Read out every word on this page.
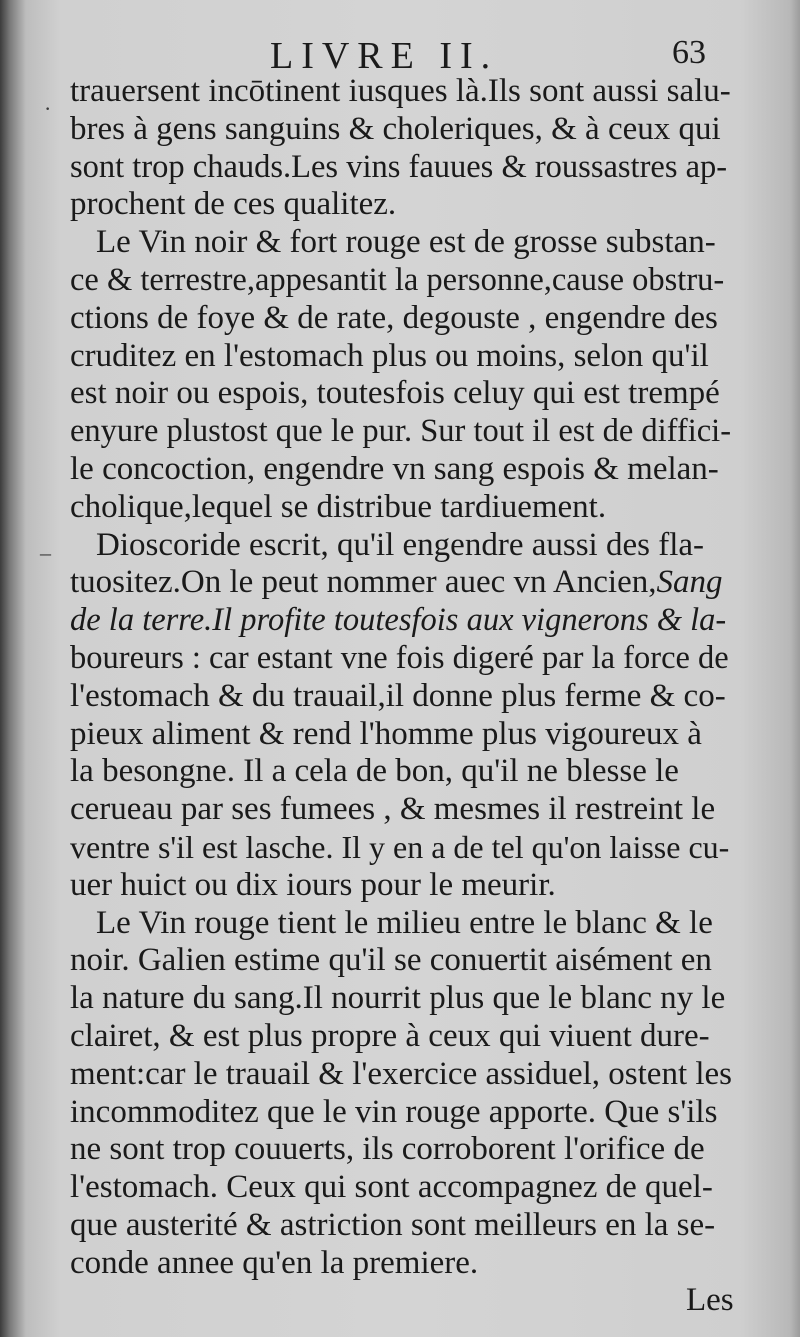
LIVRE II.	63
·
–

trauersent incōtinent iusques là.Ils sont aussi salu-
bres à gens sanguins & choleriques, & à ceux qui
sont trop chauds.Les vins fauues & roussastres ap-
prochent de ces qualitez.

Le Vin noir & fort rouge est de grosse substan-
ce & terrestre,appesantit la personne,cause obstru-
ctions de foye & de rate, degouste , engendre des
cruditez en l'estomach plus ou moins, selon qu'il
est noir ou espois, toutesfois celuy qui est trempé
enyure plustost que le pur. Sur tout il est de diffici-
le concoction, engendre vn sang espois & melan-
cholique,lequel se distribue tardiuement.

Dioscoride escrit, qu'il engendre aussi des fla-
tuositez.On le peut nommer auec vn Ancien,Sang
de la terre.Il profite toutesfois aux vignerons & la-
boureurs : car estant vne fois digeré par la force de
l'estomach & du trauail,il donne plus ferme & co-
pieux aliment & rend l'homme plus vigoureux à
la besongne. Il a cela de bon, qu'il ne blesse le
cerueau par ses fumees , & mesmes il restreint le
ventre s'il est lasche. Il y en a de tel qu'on laisse cu-
uer huict ou dix iours pour le meurir.

Le Vin rouge tient le milieu entre le blanc & le
noir. Galien estime qu'il se conuertit aisément en
la nature du sang.Il nourrit plus que le blanc ny le
clairet, & est plus propre à ceux qui viuent dure-
ment:car le trauail & l'exercice assiduel, ostent les
incommoditez que le vin rouge apporte. Que s'ils
ne sont trop couuerts, ils corroborent l'orifice de
l'estomach. Ceux qui sont accompagnez de quel-
que austerité & astriction sont meilleurs en la se-
conde annee qu'en la premiere.

Les
